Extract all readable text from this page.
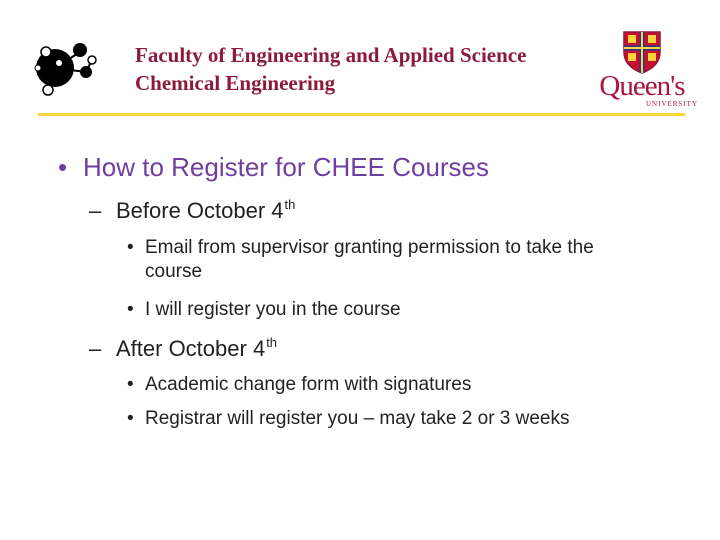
Faculty of Engineering and Applied Science
Chemical Engineering	Queen's
UNIVERSITY
• How to Register for CHEE Courses
– Before October 4th
• Email from supervisor granting permission to take the course
• I will register you in the course
– After October 4th
• Academic change form with signatures
• Registrar will register you – may take 2 or 3 weeks
